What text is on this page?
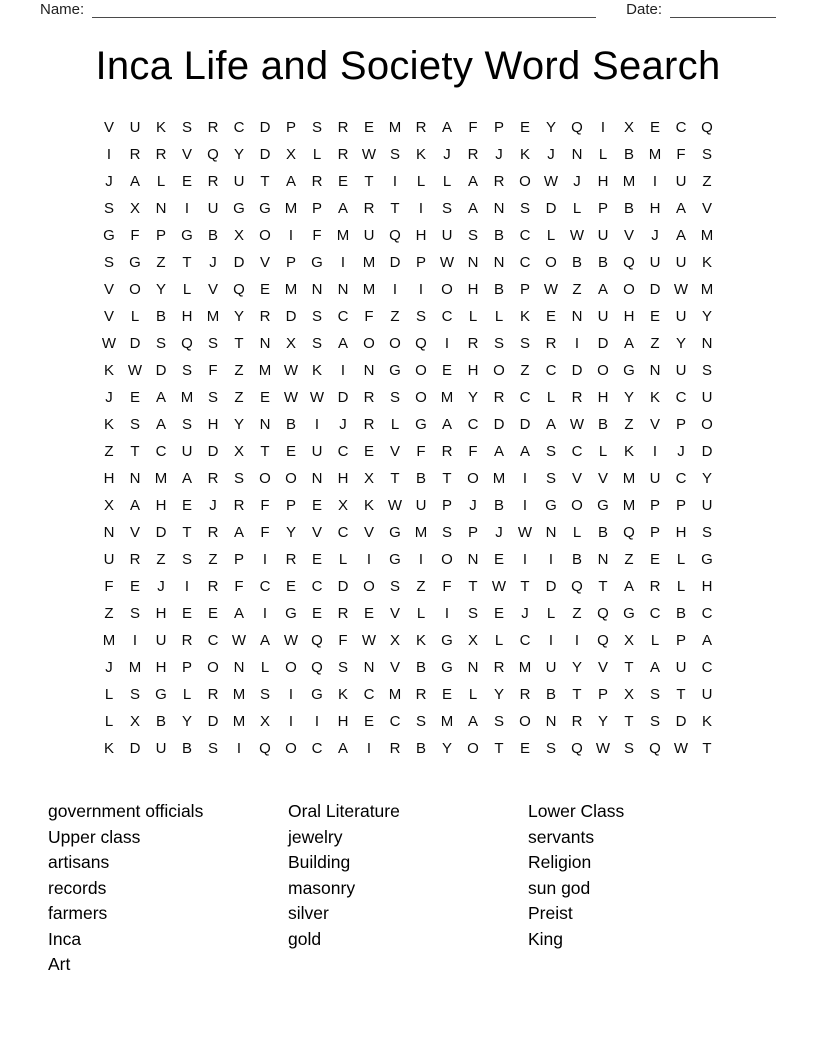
Name:	Date:
Inca Life and Society Word Search
V	U	K	S	R	C	D	P	S	R	E M R	A	F	P	E	Y	Q	I	X	E	C Q
I	R	R	V	Q	Y	D	X	L	R W S	K	J	R	J	K	J	N	L	B M	F	S
J	A	L	E	R	U	T	A	R	E	T	I	L	L	A	R O W	J	H M	I	U	Z
S	X	N	I	U G G M P	A	R	T	I	S	A	N	S	D	L	P	B	H	A	V
G	F	P	G	B	X	O	I	F	M U Q H	U	S	B	C	L W U	V	J	A M
S	G	Z	T	J	D	V	P	G	I	M D	P W N	N	C O	B	B	Q U	U	K
V	O	Y	L	V	Q	E M N	N M	I	I	O H	B	P W Z	A	O D W M
V	L	B	H M Y	R	D	S	C	F	Z	S	C	L	L	K	E	N	U	H	E	U	Y
W D	S	Q	S	T	N	X	S	A	O O Q	I	R	S	S	R	I	D	A	Z	Y	N
K W D	S	F	Z	M W K	I	N G O	E	H O	Z	C	D O G N	U	S
J	E	A M S	Z	E W W D	R	S	O M Y	R	C	L	R	H	Y	K	C	U
K	S	A	S	H	Y	N	B	I	J	R	L	G	A	C	D	D	A W B	Z	V	P	O
Z	T	C	U	D	X	T	E	U	C	E	V	F	R	F	A	A	S	C	L	K	I	J	D
H	N M A	R	S	O O N	H	X	T	B	T	O M	I	S	V	V M U	C	Y
X	A	H	E	J	R	F	P	E	X	K W U	P	J	B	I	G O G M P	P	U
N	V	D	T	R	A	F	Y	V	C	V	G M S	P	J	W N	L	B	Q	P	H	S
U	R	Z	S	Z	P	I	R	E	L	I	G	I	O N	E	I	I	B	N	Z	E	L	G
F	E	J	I	R	F	C	E	C	D O	S	Z	F	T W T	D Q	T	A	R	L	H
Z	S	H	E	E	A	I	G	E	R	E	V	L	I	S	E	J	L	Z	Q G C	B	C
M	I	U	R	C W A W Q	F W X	K	G	X	L	C	I	I	Q	X	L	P	A
J	M H	P	O N	L	O Q	S	N	V	B	G N	R M U	Y	V	T	A	U	C
L	S	G	L	R M S	I	G	K	C M R	E	L	Y	R	B	T	P	X	S	T	U
L	X	B	Y	D M X	I	I	H	E	C	S M A	S	O N	R	Y	T	S	D	K
K	D	U	B	S	I	Q O C	A	I	R	B	Y	O	T	E	S	Q W S	Q W T
government officials
Upper class
artisans
records
farmers
Inca
Art
Oral Literature
jewelry
Building
masonry
silver
gold
Lower Class
servants
Religion
sun god
Preist
King
